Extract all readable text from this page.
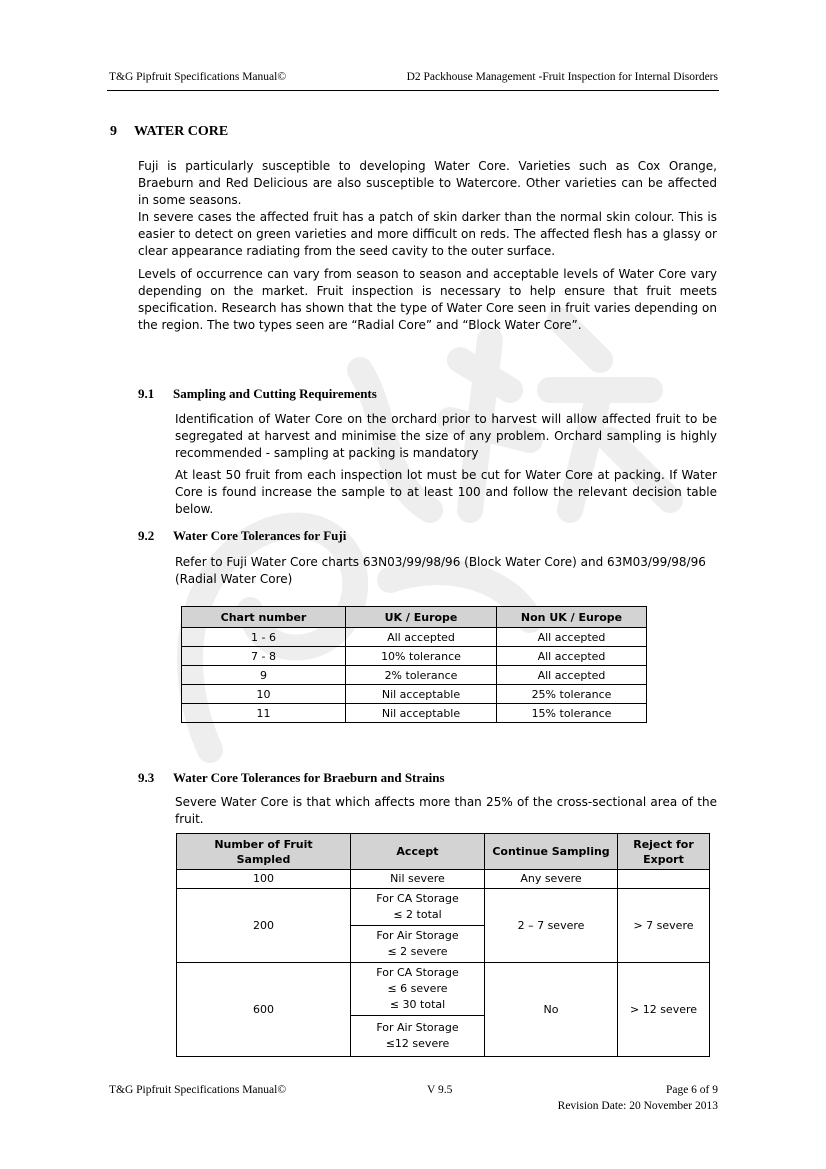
T&G Pipfruit Specifications Manual©	D2 Packhouse Management -Fruit Inspection for Internal Disorders
9 WATER CORE

Fuji is particularly susceptible to developing Water Core. Varieties such as Cox Orange, Braeburn and Red Delicious are also susceptible to Watercore. Other varieties can be affected in some seasons.

In severe cases the affected fruit has a patch of skin darker than the normal skin colour. This is easier to detect on green varieties and more difficult on reds. The affected flesh has a glassy or clear appearance radiating from the seed cavity to the outer surface.

Levels of occurrence can vary from season to season and acceptable levels of Water Core vary depending on the market. Fruit inspection is necessary to help ensure that fruit meets specification. Research has shown that the type of Water Core seen in fruit varies depending on the region. The two types seen are “Radial Core” and “Block Water Core”.

9.1 Sampling and Cutting Requirements

Identification of Water Core on the orchard prior to harvest will allow affected fruit to be segregated at harvest and minimise the size of any problem. Orchard sampling is highly recommended - sampling at packing is mandatory

At least 50 fruit from each inspection lot must be cut for Water Core at packing. If Water Core is found increase the sample to at least 100 and follow the relevant decision table below.

9.2 Water Core Tolerances for Fuji
Refer to Fuji Water Core charts 63N03/99/98/96 (Block Water Core) and 63M03/99/98/96
(Radial Water Core)
Chart number	UK / Europe	Non UK / Europe
1 - 6	All accepted	All accepted
7 - 8	10% tolerance	All accepted
9	2% tolerance	All accepted
10	Nil acceptable	25% tolerance
11	Nil acceptable	15% tolerance
9.3 Water Core Tolerances for Braeburn and Strains

Severe Water Core is that which affects more than 25% of the cross-sectional area of the fruit.

Number of Fruit Sampled	Accept	Continue Sampling	Reject for Export
100	Nil severe	Any severe	
200	For CA Storage
≤ 2 total	2 – 7 severe	> 7 severe

	For Air Storage
≤ 2 severe		

600	For CA Storage
≤ 6 severe
≤ 30 total	No	> 12 severe

	For Air Storage
≤12 severe		
T&G Pipfruit Specifications Manual©	V 9.5	Page 6 of 9
Revision Date: 20 November 2013
